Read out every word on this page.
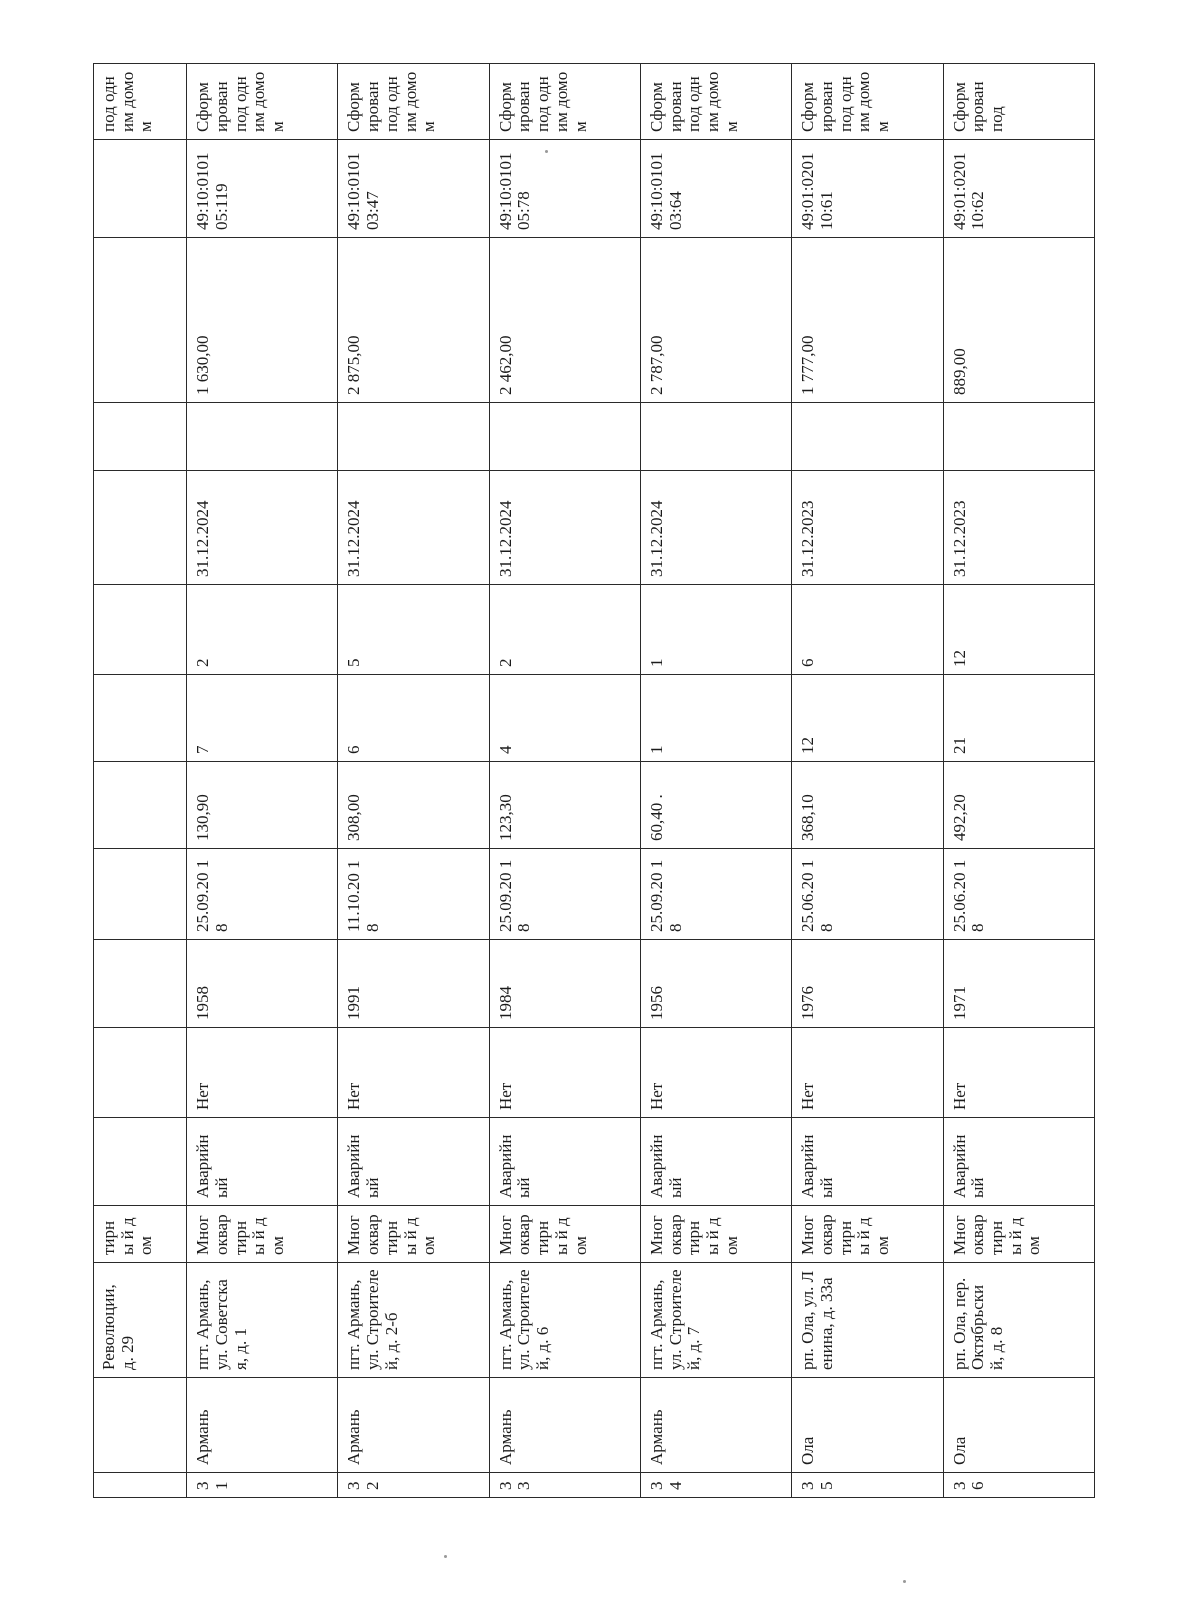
		Революции, д. 29	тирны й дом												под одним домом
31	Армань	пгт. Армань, ул. Советская, д. 1	Мног оквар тирны й дом	Аварийн ый	Нет	1958	25.09.20 18	130,90	7	2	31.12.2024		1 630,00	49:10:0101 05:119	Сформ ирован под одним домом
32	Армань	пгт. Армань, ул. Строителей, д. 2-б	Мног оквар тирны й дом	Аварийн ый	Нет	1991	11.10.20 18	308,00	6	5	31.12.2024		2 875,00	49:10:0101 03:47	Сформ ирован под одним домом
33	Армань	пгт. Армань, ул. Строителей, д. 6	Мног оквар тирны й дом	Аварийн ый	Нет	1984	25.09.20 18	123,30	4	2	31.12.2024		2 462,00	49:10:0101 05:78	Сформ ирован под одним домом
34	Армань	пгт. Армань, ул. Строителей, д. 7	Мног оквар тирны й дом	Аварийн ый	Нет	1956	25.09.20 18	60,40 .	1	1	31.12.2024		2 787,00	49:10:0101 03:64	Сформ ирован под одним домом
35	Ола	рп. Ола, ул. Ленина, д. 33а	Мног оквар тирны й дом	Аварийн ый	Нет	1976	25.06.20 18	368,10	12	6	31.12.2023		1 777,00	49:01:0201 10:61	Сформ ирован под одним домом
36	Ола	рп. Ола, пер. Октябрьски й, д. 8	Мног оквар тирны й дом	Аварийн ый	Нет	1971	25.06.20 18	492,20	21	12	31.12.2023		889,00	49:01:0201 10:62	Сформ ирован под
